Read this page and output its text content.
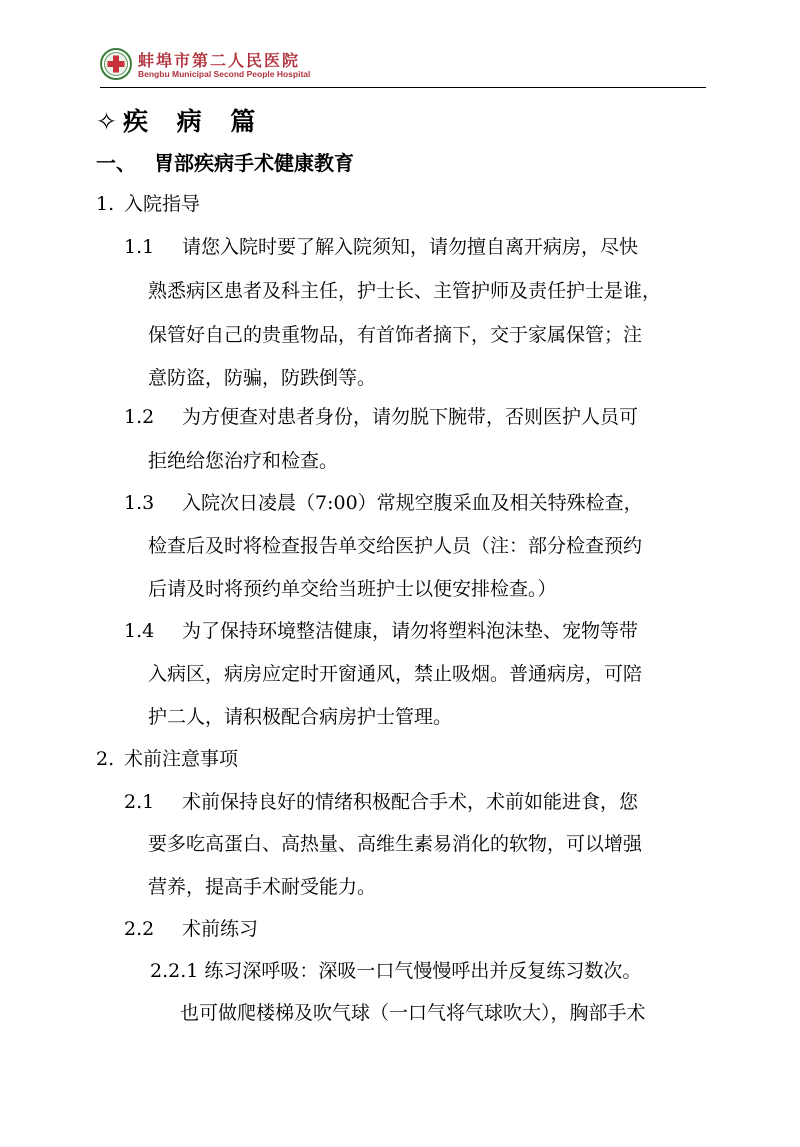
蚌埠市第二人民医院
Bengbu Municipal Second People Hospital
✧ 疾 病 篇
一、 胃部疾病手术健康教育
1. 入院指导
1.1 请您入院时要了解入院须知，请勿擅自离开病房，尽快
熟悉病区患者及科主任，护士长、主管护师及责任护士是谁，
保管好自己的贵重物品，有首饰者摘下，交于家属保管；注
意防盗，防骗，防跌倒等。
1.2 为方便查对患者身份，请勿脱下腕带，否则医护人员可
拒绝给您治疗和检查。
1.3 入院次日凌晨（7:00）常规空腹采血及相关特殊检查，
检查后及时将检查报告单交给医护人员（注：部分检查预约
后请及时将预约单交给当班护士以便安排检查。）
1.4 为了保持环境整洁健康，请勿将塑料泡沫垫、宠物等带
入病区，病房应定时开窗通风，禁止吸烟。普通病房，可陪
护二人，请积极配合病房护士管理。
2. 术前注意事项
2.1 术前保持良好的情绪积极配合手术，术前如能进食，您
要多吃高蛋白、高热量、高维生素易消化的软物，可以增强
营养，提高手术耐受能力。
2.2 术前练习
2.2.1 练习深呼吸：深吸一口气慢慢呼出并反复练习数次。
也可做爬楼梯及吹气球（一口气将气球吹大），胸部手术
